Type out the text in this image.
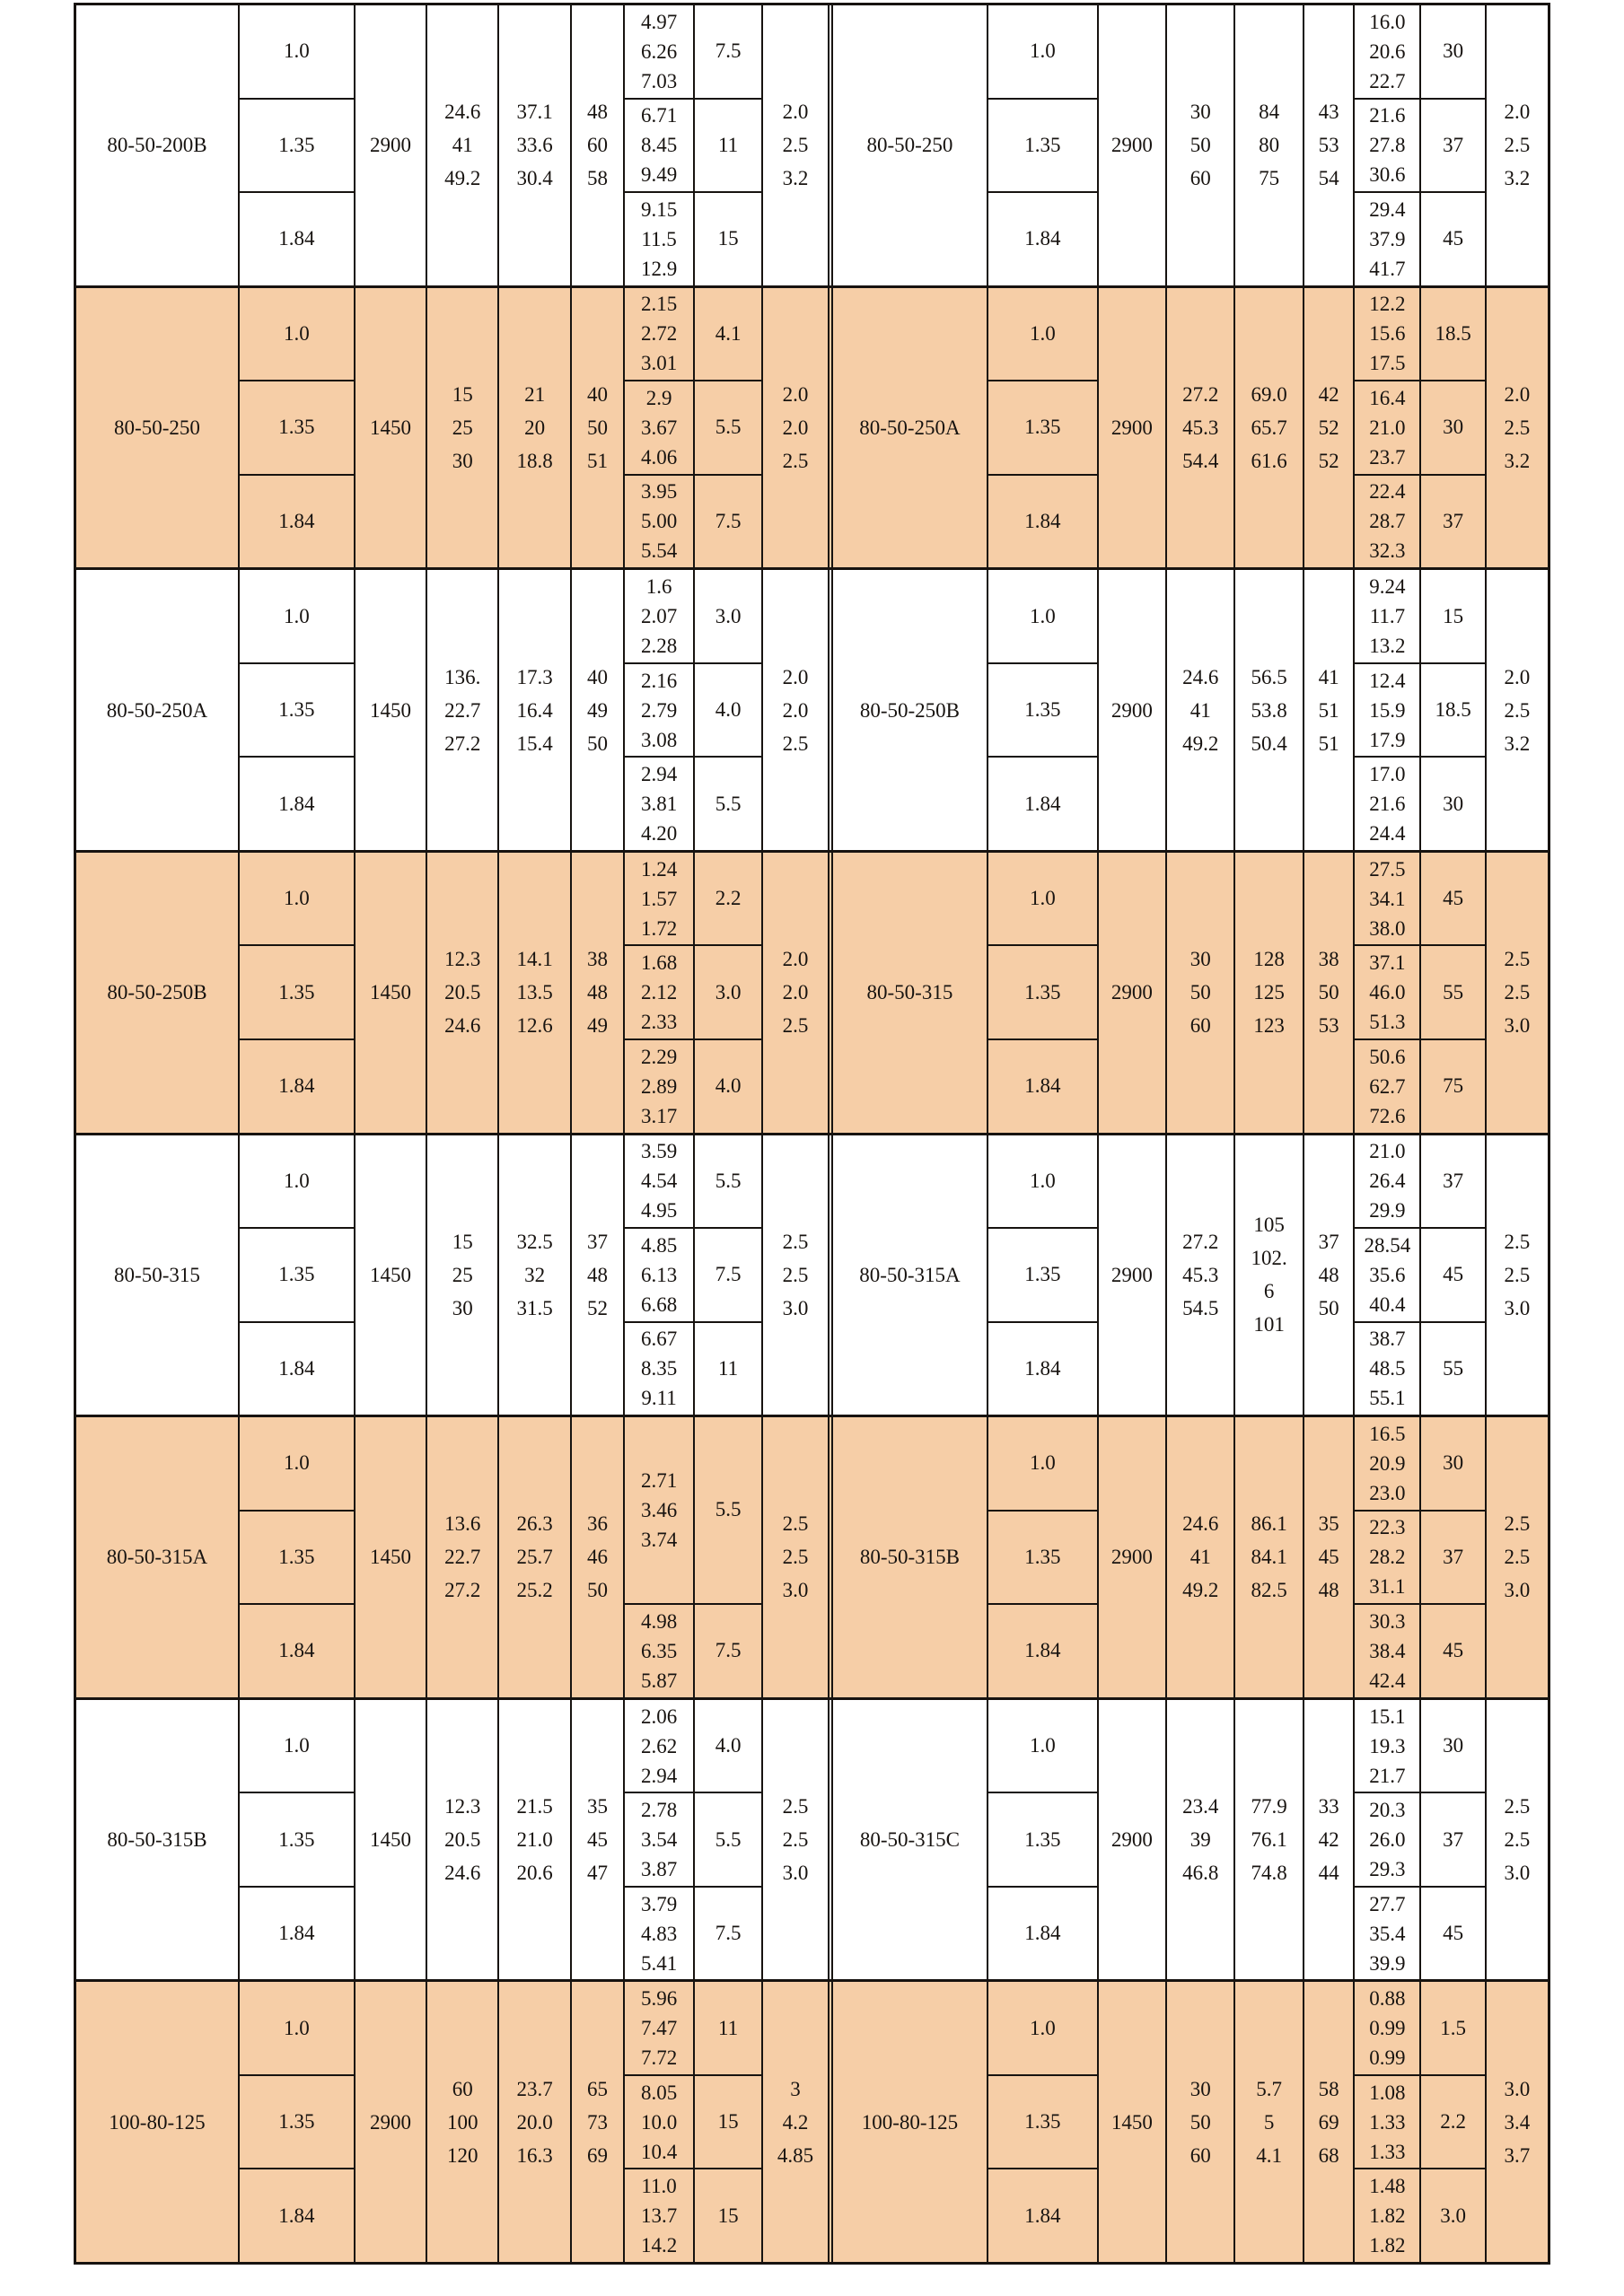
80-50-200B
1.0
1.35
1.84
2900
24.6
41
49.2
37.1
33.6
30.4
48
60
58
4.97
6.26
7.03
6.71
8.45
9.49
9.15
11.5
12.9
7.5
11
15
2.0
2.5
3.2
80-50-250
1.0
1.35
1.84
2900
30
50
60
84
80
75
43
53
54
16.0
20.6
22.7
21.6
27.8
30.6
29.4
37.9
41.7
30
37
45
2.0
2.5
3.2
80-50-250
1.0
1.35
1.84
1450
15
25
30
21
20
18.8
40
50
51
2.15
2.72
3.01
2.9
3.67
4.06
3.95
5.00
5.54
4.1
5.5
7.5
2.0
2.0
2.5
80-50-250A
1.0
1.35
1.84
2900
27.2
45.3
54.4
69.0
65.7
61.6
42
52
52
12.2
15.6
17.5
16.4
21.0
23.7
22.4
28.7
32.3
18.5
30
37
2.0
2.5
3.2
80-50-250A
1.0
1.35
1.84
1450
136.
22.7
27.2
17.3
16.4
15.4
40
49
50
1.6
2.07
2.28
2.16
2.79
3.08
2.94
3.81
4.20
3.0
4.0
5.5
2.0
2.0
2.5
80-50-250B
1.0
1.35
1.84
2900
24.6
41
49.2
56.5
53.8
50.4
41
51
51
9.24
11.7
13.2
12.4
15.9
17.9
17.0
21.6
24.4
15
18.5
30
2.0
2.5
3.2
80-50-250B
1.0
1.35
1.84
1450
12.3
20.5
24.6
14.1
13.5
12.6
38
48
49
1.24
1.57
1.72
1.68
2.12
2.33
2.29
2.89
3.17
2.2
3.0
4.0
2.0
2.0
2.5
80-50-315
1.0
1.35
1.84
2900
30
50
60
128
125
123
38
50
53
27.5
34.1
38.0
37.1
46.0
51.3
50.6
62.7
72.6
45
55
75
2.5
2.5
3.0
80-50-315
1.0
1.35
1.84
1450
15
25
30
32.5
32
31.5
37
48
52
3.59
4.54
4.95
4.85
6.13
6.68
6.67
8.35
9.11
5.5
7.5
11
2.5
2.5
3.0
80-50-315A
1.0
1.35
1.84
2900
27.2
45.3
54.5
105
102.
6
101
37
48
50
21.0
26.4
29.9
28.54
35.6
40.4
38.7
48.5
55.1
37
45
55
2.5
2.5
3.0
80-50-315A
1.0
1.35
1.84
1450
13.6
22.7
27.2
26.3
25.7
25.2
36
46
50
2.71
3.46
3.74
4.98
6.35
5.87
5.5
7.5
2.5
2.5
3.0
80-50-315B
1.0
1.35
1.84
2900
24.6
41
49.2
86.1
84.1
82.5
35
45
48
16.5
20.9
23.0
22.3
28.2
31.1
30.3
38.4
42.4
30
37
45
2.5
2.5
3.0
80-50-315B
1.0
1.35
1.84
1450
12.3
20.5
24.6
21.5
21.0
20.6
35
45
47
2.06
2.62
2.94
2.78
3.54
3.87
3.79
4.83
5.41
4.0
5.5
7.5
2.5
2.5
3.0
80-50-315C
1.0
1.35
1.84
2900
23.4
39
46.8
77.9
76.1
74.8
33
42
44
15.1
19.3
21.7
20.3
26.0
29.3
27.7
35.4
39.9
30
37
45
2.5
2.5
3.0
100-80-125
1.0
1.35
1.84
2900
60
100
120
23.7
20.0
16.3
65
73
69
5.96
7.47
7.72
8.05
10.0
10.4
11.0
13.7
14.2
11
15
15
3
4.2
4.85
100-80-125
1.0
1.35
1.84
1450
30
50
60
5.7
5
4.1
58
69
68
0.88
0.99
0.99
1.08
1.33
1.33
1.48
1.82
1.82
1.5
2.2
3.0
3.0
3.4
3.7
